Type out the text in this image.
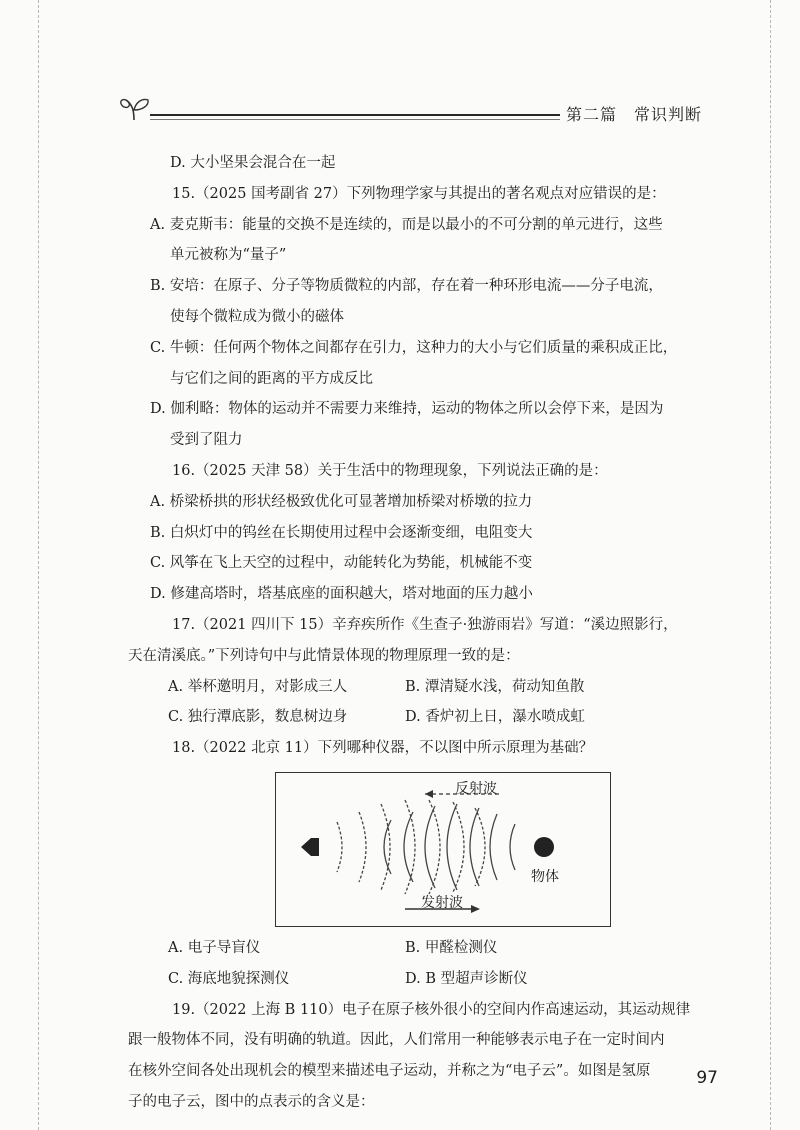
第二篇　常识判断

D. 大小坚果会混合在一起

15.（2025 国考副省 27）下列物理学家与其提出的著名观点对应错误的是：

A. 麦克斯韦：能量的交换不是连续的，而是以最小的不可分割的单元进行，这些

单元被称为“量子”

B. 安培：在原子、分子等物质微粒的内部，存在着一种环形电流——分子电流，

使每个微粒成为微小的磁体

C. 牛顿：任何两个物体之间都存在引力，这种力的大小与它们质量的乘积成正比，

与它们之间的距离的平方成反比

D. 伽利略：物体的运动并不需要力来维持，运动的物体之所以会停下来，是因为

受到了阻力

16.（2025 天津 58）关于生活中的物理现象，下列说法正确的是：

A. 桥梁桥拱的形状经极致优化可显著增加桥梁对桥墩的拉力

B. 白炽灯中的钨丝在长期使用过程中会逐渐变细，电阻变大

C. 风筝在飞上天空的过程中，动能转化为势能，机械能不变

D. 修建高塔时，塔基底座的面积越大，塔对地面的压力越小

17.（2021 四川下 15）辛弃疾所作《生查子·独游雨岩》写道：“溪边照影行，

天在清溪底。”下列诗句中与此情景体现的物理原理一致的是：

A. 举杯邀明月，对影成三人	B. 潭清疑水浅，荷动知鱼散
C. 独行潭底影，数息树边身	D. 香炉初上日，瀑水喷成虹

18.（2022 北京 11）下列哪种仪器，不以图中所示原理为基础？

反射波
物体
发射波
A. 电子导盲仪	B. 甲醛检测仪
C. 海底地貌探测仪	D. B 型超声诊断仪

19.（2022 上海 B 110）电子在原子核外很小的空间内作高速运动，其运动规律

跟一般物体不同，没有明确的轨道。因此，人们常用一种能够表示电子在一定时间内

在核外空间各处出现机会的模型来描述电子运动，并称之为“电子云”。如图是氢原

子的电子云，图中的点表示的含义是：

97
